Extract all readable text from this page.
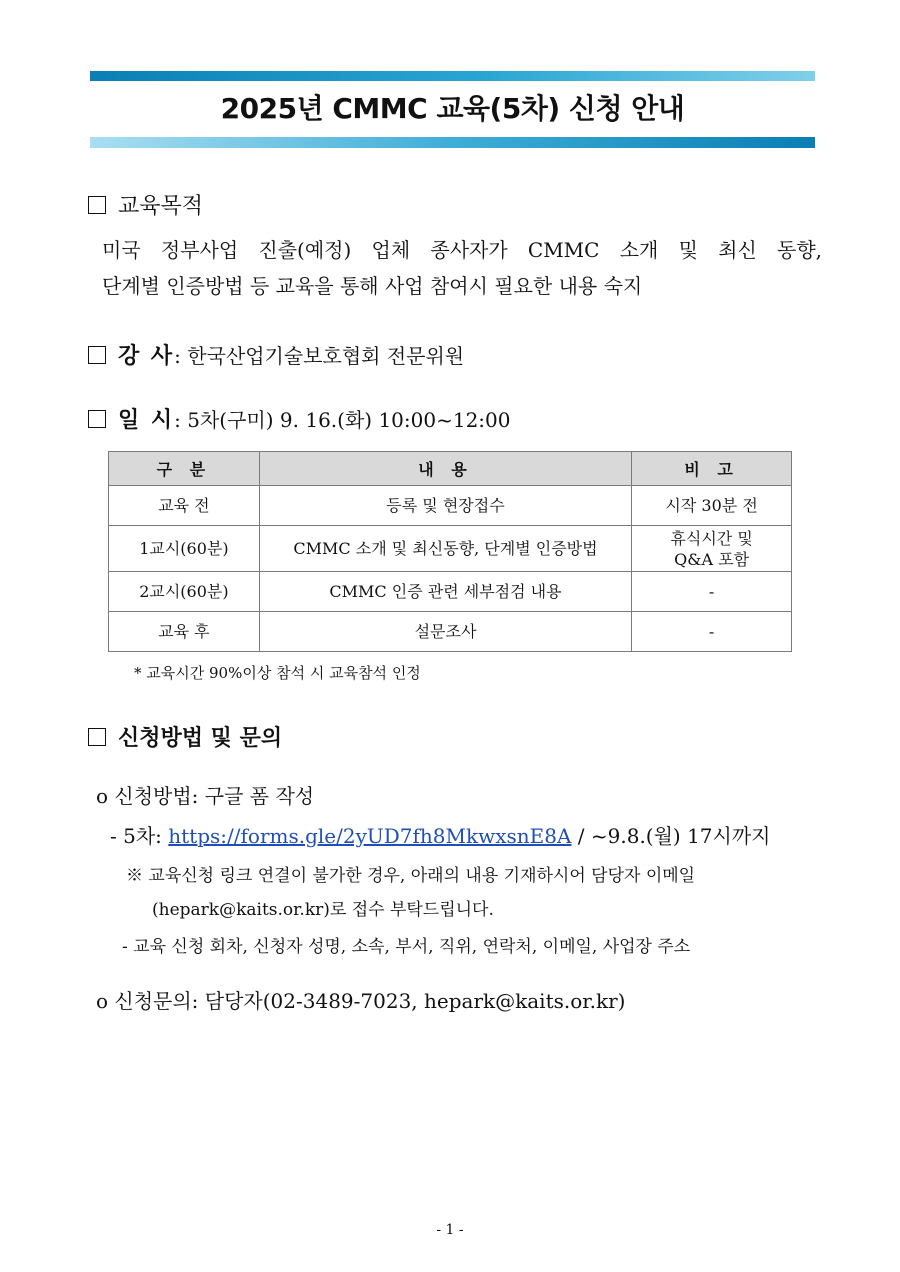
2025년 CMMC 교육(5차) 신청 안내
교육목적
미국 정부사업 진출(예정) 업체 종사자가 CMMC 소개 및 최신 동향,
단계별 인증방법 등 교육을 통해 사업 참여시 필요한 내용 숙지
강 사: 한국산업기술보호협회 전문위원
일 시: 5차(구미) 9. 16.(화) 10:00~12:00
구 분	내 용	비 고
교육 전	등록 및 현장접수	시작 30분 전
1교시(60분)	CMMC 소개 및 최신동향, 단계별 인증방법	휴식시간 및
Q&A 포함
2교시(60분)	CMMC 인증 관련 세부점검 내용	-
교육 후	설문조사	-
* 교육시간 90%이상 참석 시 교육참석 인정
신청방법 및 문의
o 신청방법: 구글 폼 작성
- 5차: https://forms.gle/2yUD7fh8MkwxsnE8A / ~9.8.(월) 17시까지
※ 교육신청 링크 연결이 불가한 경우, 아래의 내용 기재하시어 담당자 이메일
(hepark@kaits.or.kr)로 접수 부탁드립니다.
- 교육 신청 회차, 신청자 성명, 소속, 부서, 직위, 연락처, 이메일, 사업장 주소
o 신청문의: 담당자(02-3489-7023, hepark@kaits.or.kr)
- 1 -
